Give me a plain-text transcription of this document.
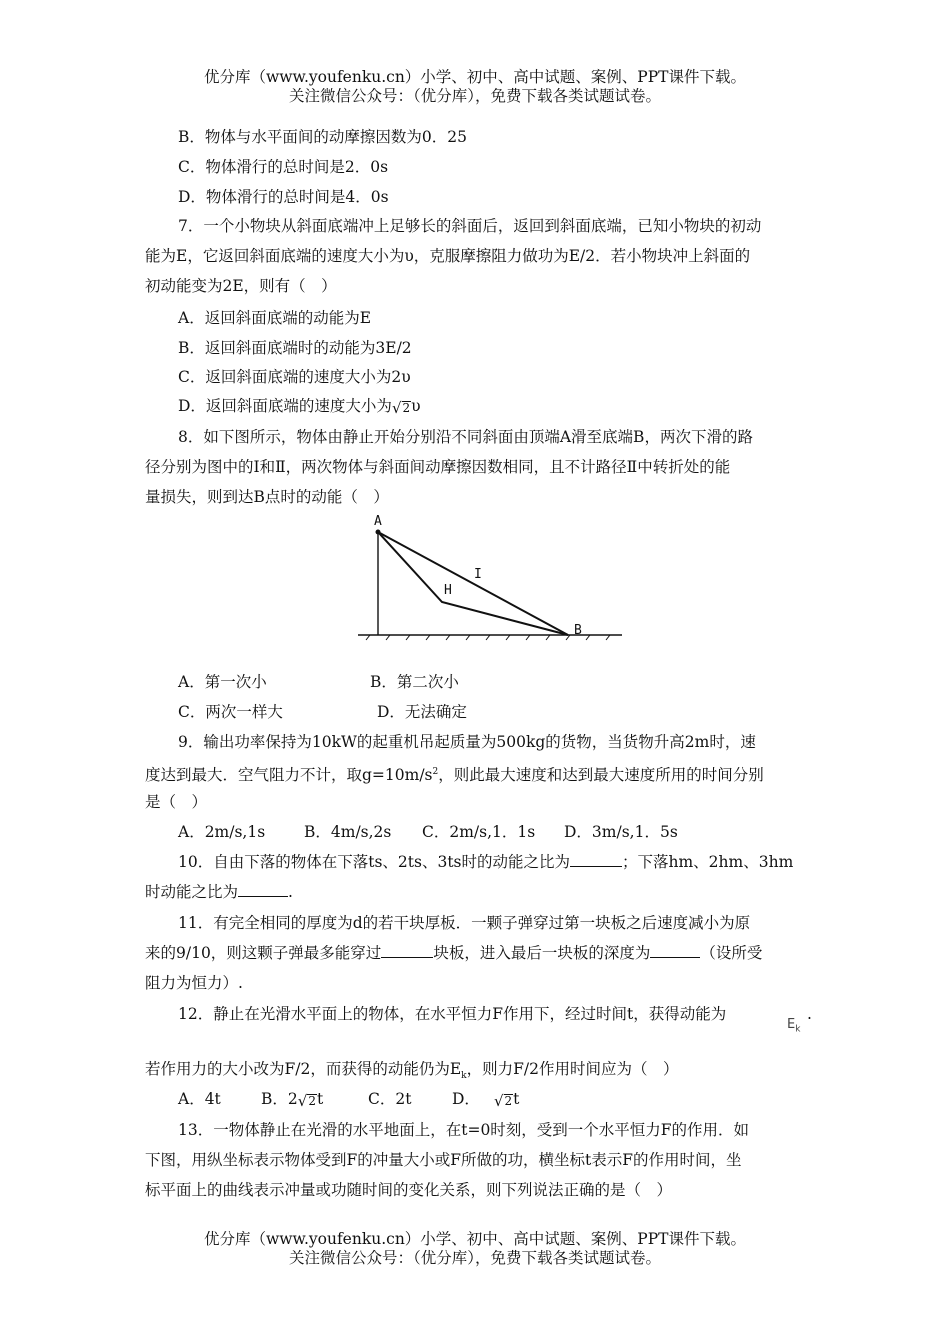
优分库（www.youfenku.cn）小学、初中、高中试题、案例、PPT课件下载。
关注微信公众号：（优分库），免费下载各类试题试卷。
B．物体与水平面间的动摩擦因数为0．25
C．物体滑行的总时间是2．0s
D．物体滑行的总时间是4．0s
7．一个小物块从斜面底端冲上足够长的斜面后，返回到斜面底端，已知小物块的初动
能为E，它返回斜面底端的速度大小为υ，克服摩擦阻力做功为E/2．若小物块冲上斜面的
初动能变为2E，则有（　）
A．返回斜面底端的动能为E
B．返回斜面底端时的动能为3E/2
C．返回斜面底端的速度大小为2υ
D．返回斜面底端的速度大小为 √ 2 υ
8．如下图所示，物体由静止开始分别沿不同斜面由顶端A滑至底端B，两次下滑的路
径分别为图中的Ⅰ和Ⅱ，两次物体与斜面间动摩擦因数相同，且不计路径Ⅱ中转折处的能
量损失，则到达B点时的动能（　）
A
B
I
H
A．第一次小	B．第二次小
C．两次一样大	D．无法确定
9．输出功率保持为10kW的起重机吊起质量为500kg的货物，当货物升高2m时，速
度达到最大．空气阻力不计，取$g=10m/s^2$，则此最大速度和达到最大速度所用的时间分别
是（　）
A．2m/s,1s	B．4m/s,2s	C．2m/s,1．1s	D．3m/s,1．5s
10．自由下落的物体在下落ts、2ts、3ts时的动能之比为	；下落hm、2hm、3hm
时动能之比为	.
11．有完全相同的厚度为d的若干块厚板．一颗子弹穿过第一块板之后速度减小为原
来的9/10，则这颗子弹最多能穿过	块板，进入最后一块板的深度为	（设所受
阻力为恒力）.
12．静止在光滑水平面上的物体，在水平恒力F作用下，经过时间t，获得动能为
$E_k$
.
若作用力的大小改为F/2，而获得的动能仍为$E_k$，则力F/2作用时间应为（　）
A．4t	B．2 √ 2 t	C．2t	D． √ 2 t
13．一物体静止在光滑的水平地面上，在t=0时刻，受到一个水平恒力F的作用．如
下图，用纵坐标表示物体受到F的冲量大小或F所做的功，横坐标t表示F的作用时间，坐
标平面上的曲线表示冲量或功随时间的变化关系，则下列说法正确的是（　）
优分库（www.youfenku.cn）小学、初中、高中试题、案例、PPT课件下载。
关注微信公众号：（优分库），免费下载各类试题试卷。
